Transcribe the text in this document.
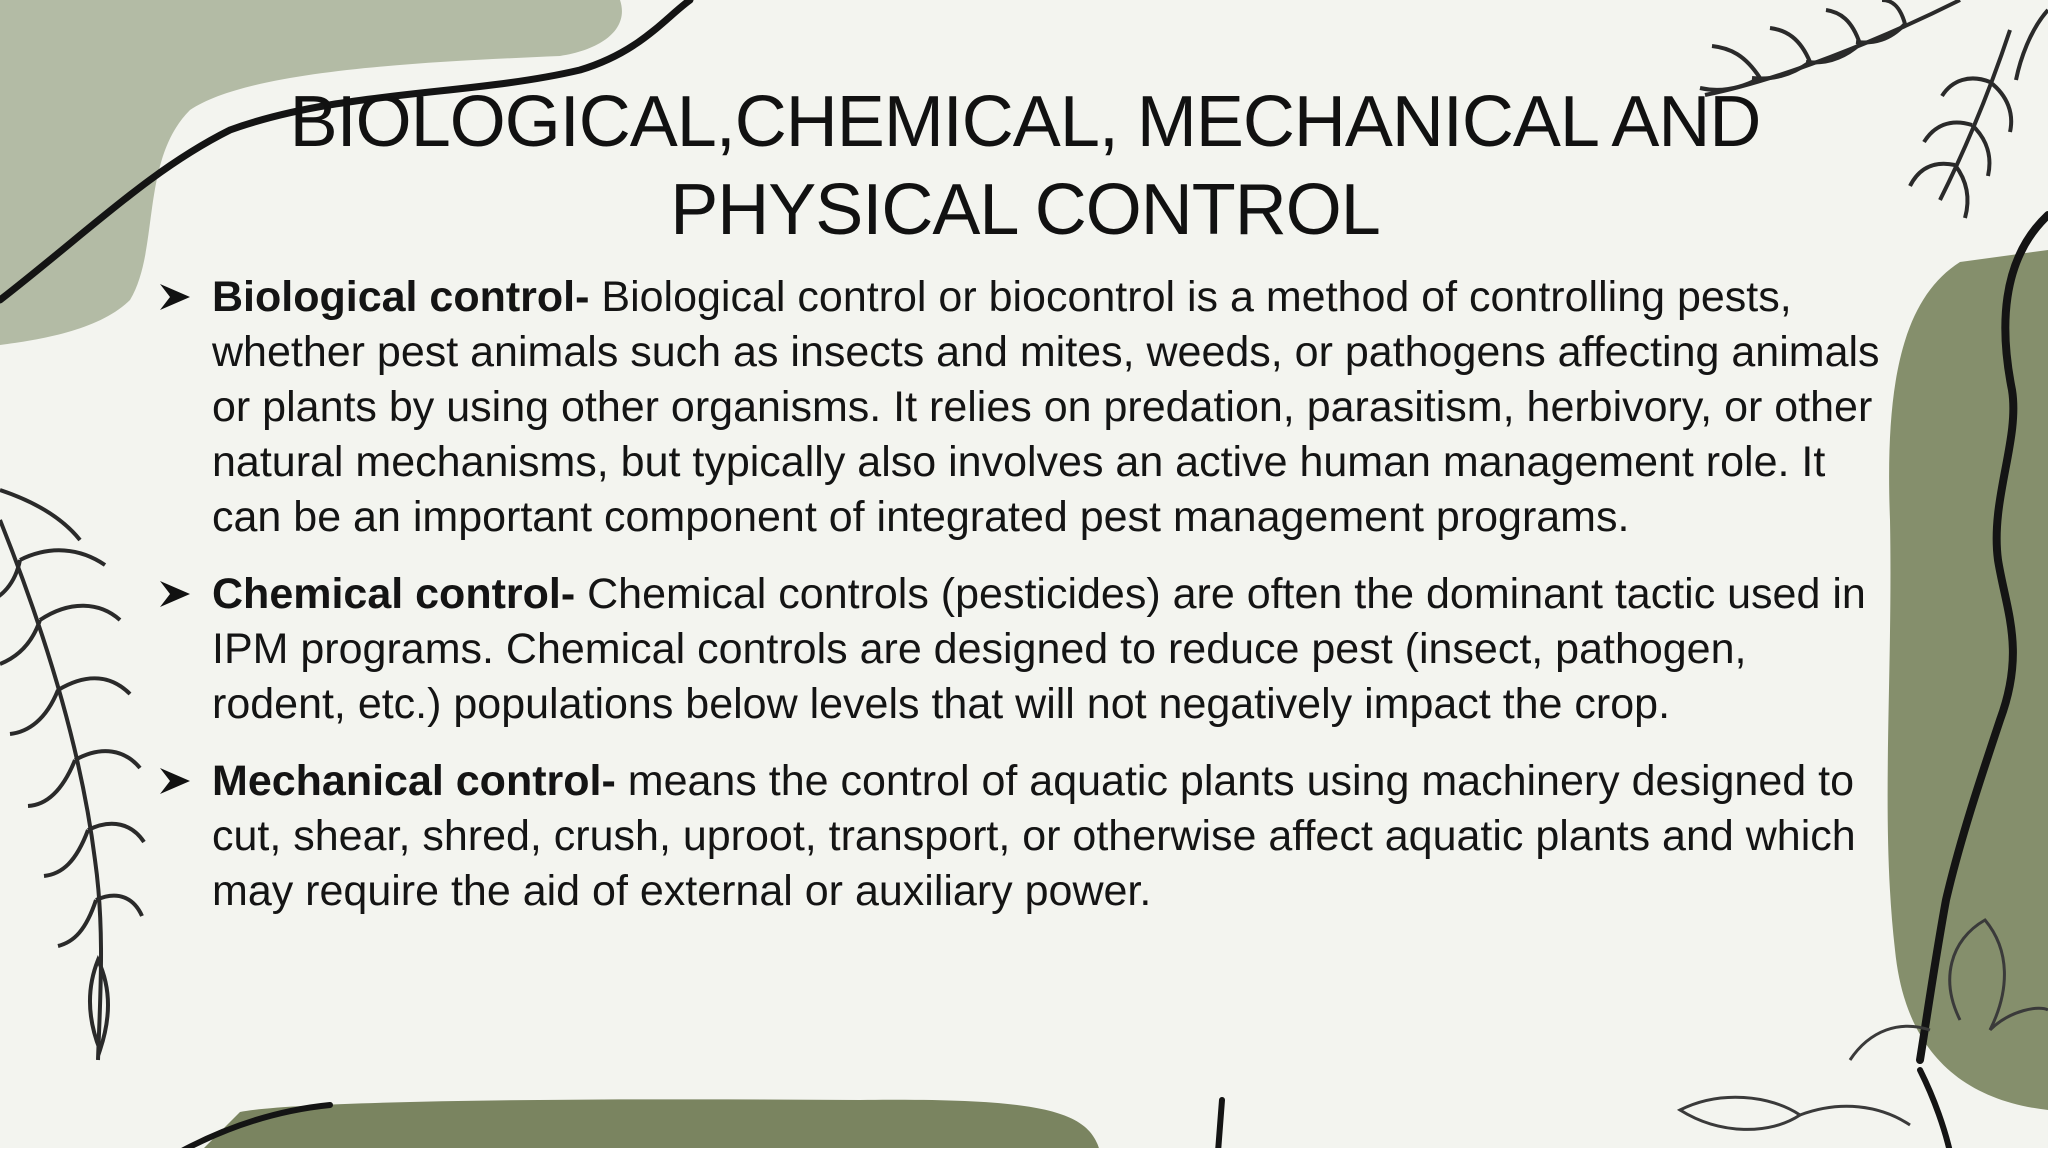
BIOLOGICAL,CHEMICAL, MECHANICAL AND
PHYSICAL CONTROL
Biological control- Biological control or biocontrol is a method of controlling pests, whether pest animals such as insects and mites, weeds, or pathogens affecting animals or plants by using other organisms. It relies on predation, parasitism, herbivory, or other natural mechanisms, but typically also involves an active human management role. It can be an important component of integrated pest management programs.
Chemical control- Chemical controls (pesticides) are often the dominant tactic used in IPM programs. Chemical controls are designed to reduce pest (insect, pathogen, rodent, etc.) populations below levels that will not negatively impact the crop.
Mechanical control- means the control of aquatic plants using machinery designed to cut, shear, shred, crush, uproot, transport, or otherwise affect aquatic plants and which may require the aid of external or auxiliary power.
